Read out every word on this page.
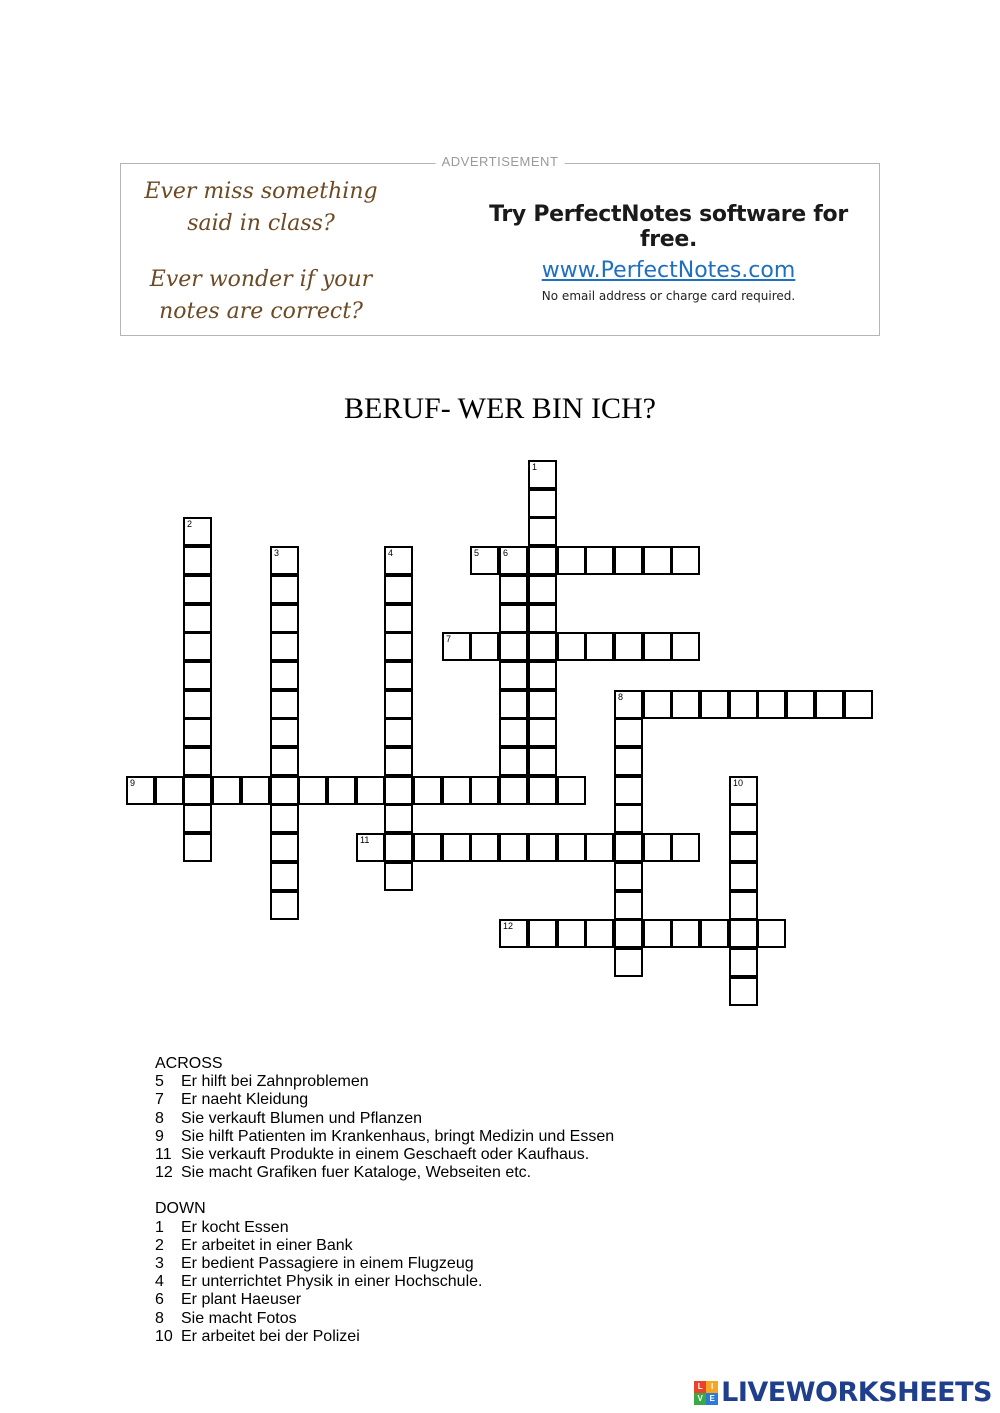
ADVERTISEMENT
Ever miss something said in class?
Ever wonder if your notes are correct?
Try PerfectNotes software for free.
www.PerfectNotes.com
No email address or charge card required.
BERUF- WER BIN ICH?
1
2
3	4	5	6
7
8
9	10
11
12
ACROSS
5 Er hilft bei Zahnproblemen
7 Er naeht Kleidung
8 Sie verkauft Blumen und Pflanzen
9 Sie hilft Patienten im Krankenhaus, bringt Medizin und Essen
11 Sie verkauft Produkte in einem Geschaeft oder Kaufhaus.
12 Sie macht Grafiken fuer Kataloge, Webseiten etc.
DOWN
1 Er kocht Essen
2 Er arbeitet in einer Bank
3 Er bedient Passagiere in einem Flugzeug
4 Er unterrichtet Physik in einer Hochschule.
6 Er plant Haeuser
8 Sie macht Fotos
10 Er arbeitet bei der Polizei
L	I
V E LIVEWORKSHEETS
